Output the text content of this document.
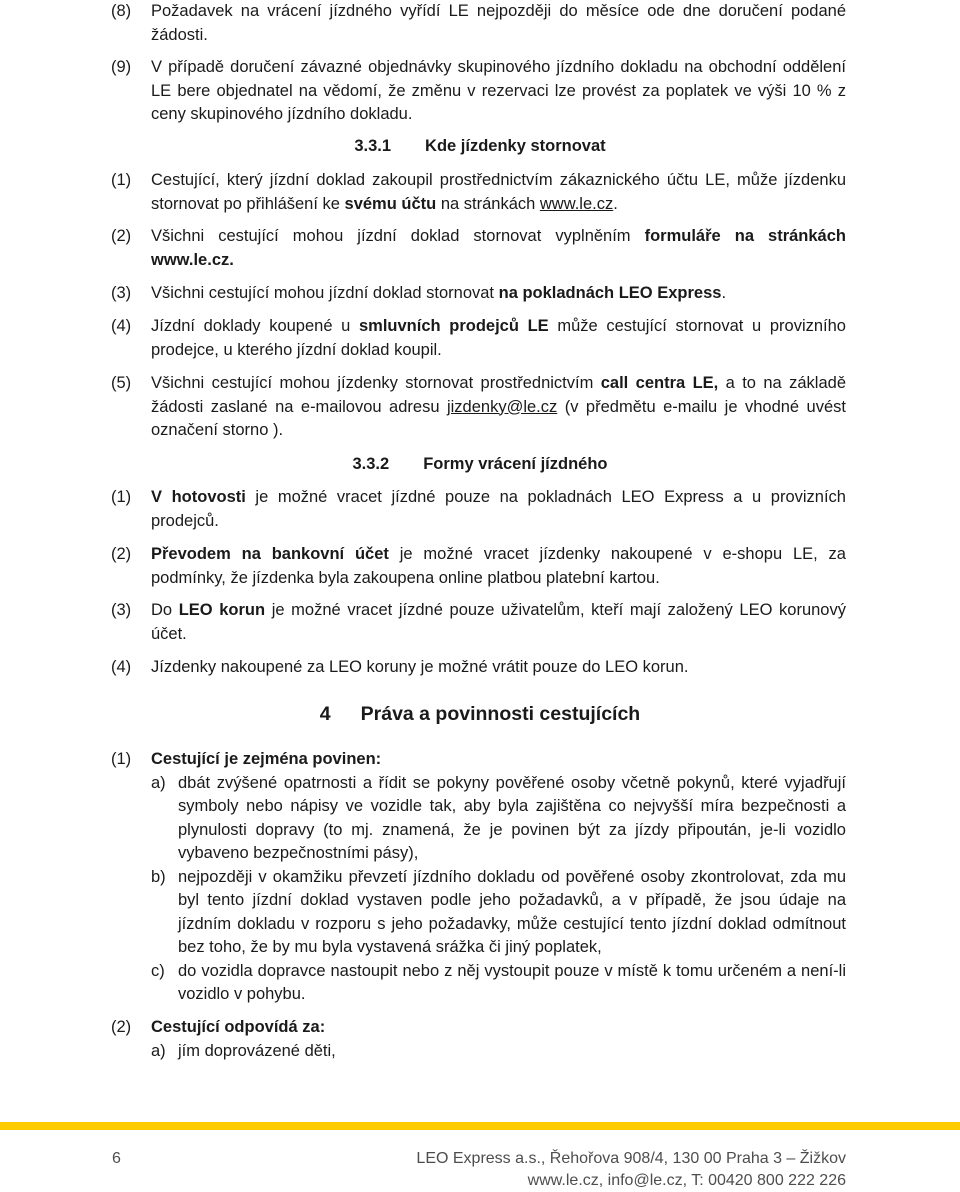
(8) Požadavek na vrácení jízdného vyřídí LE nejpozději do měsíce ode dne doručení podané žádosti.
(9) V případě doručení závazné objednávky skupinového jízdního dokladu na obchodní oddělení LE bere objednatel na vědomí, že změnu v rezervaci lze provést za poplatek ve výši 10 % z ceny skupinového jízdního dokladu.
3.3.1 Kde jízdenky stornovat
(1) Cestující, který jízdní doklad zakoupil prostřednictvím zákaznického účtu LE, může jízdenku stornovat po přihlášení ke svému účtu na stránkách www.le.cz.
(2) Všichni cestující mohou jízdní doklad stornovat vyplněním formuláře na stránkách www.le.cz.
(3) Všichni cestující mohou jízdní doklad stornovat na pokladnách LEO Express.
(4) Jízdní doklady koupené u smluvních prodejců LE může cestující stornovat u provizního prodejce, u kterého jízdní doklad koupil.
(5) Všichni cestující mohou jízdenky stornovat prostřednictvím call centra LE, a to na základě žádosti zaslané na e-mailovou adresu jizdenky@le.cz (v předmětu e-mailu je vhodné uvést označení storno ).
3.3.2 Formy vrácení jízdného
(1) V hotovosti je možné vracet jízdné pouze na pokladnách LEO Express a u provizních prodejců.
(2) Převodem na bankovní účet je možné vracet jízdenky nakoupené v e-shopu LE, za podmínky, že jízdenka byla zakoupena online platbou platební kartou.
(3) Do LEO korun je možné vracet jízdné pouze uživatelům, kteří mají založený LEO korunový účet.
(4) Jízdenky nakoupené za LEO koruny je možné vrátit pouze do LEO korun.
4 Práva a povinnosti cestujících
(1) Cestující je zejména povinen:
a) dbát zvýšené opatrnosti a řídit se pokyny pověřené osoby včetně pokynů, které vyjadřují symboly nebo nápisy ve vozidle tak, aby byla zajištěna co nejvyšší míra bezpečnosti a plynulosti dopravy (to mj. znamená, že je povinen být za jízdy připoután, je-li vozidlo vybaveno bezpečnostními pásy),
b) nejpozději v okamžiku převzetí jízdního dokladu od pověřené osoby zkontrolovat, zda mu byl tento jízdní doklad vystaven podle jeho požadavků, a v případě, že jsou údaje na jízdním dokladu v rozporu s jeho požadavky, může cestující tento jízdní doklad odmítnout bez toho, že by mu byla vystavená srážka či jiný poplatek,
c) do vozidla dopravce nastoupit nebo z něj vystoupit pouze v místě k tomu určeném a není-li vozidlo v pohybu.
(2) Cestující odpovídá za:
a) jím doprovázené děti,
6	LEO Express a.s., Řehořova 908/4, 130 00 Praha 3 – Žižkov
www.le.cz, info@le.cz, T: 00420 800 222 226
